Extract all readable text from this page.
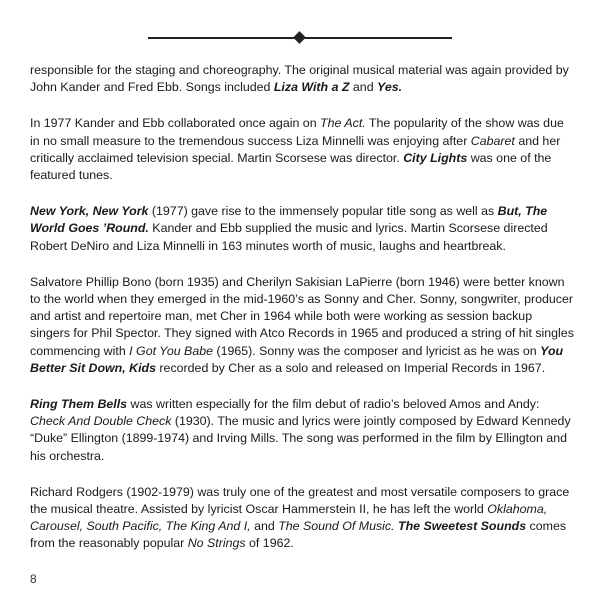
responsible for the staging and choreography. The original musical material was again provided by John Kander and Fred Ebb. Songs included Liza With a Z and Yes.

In 1977 Kander and Ebb collaborated once again on The Act. The popularity of the show was due in no small measure to the tremendous success Liza Minnelli was enjoying after Cabaret and her critically acclaimed television special. Martin Scorsese was director. City Lights was one of the featured tunes.

New York, New York (1977) gave rise to the immensely popular title song as well as But, The World Goes ’Round. Kander and Ebb supplied the music and lyrics. Martin Scorsese directed Robert DeNiro and Liza Minnelli in 163 minutes worth of music, laughs and heartbreak.

Salvatore Phillip Bono (born 1935) and Cherilyn Sakisian LaPierre (born 1946) were better known to the world when they emerged in the mid-1960’s as Sonny and Cher. Sonny, songwriter, producer and artist and repertoire man, met Cher in 1964 while both were working as session backup singers for Phil Spector. They signed with Atco Records in 1965 and produced a string of hit singles commencing with I Got You Babe (1965). Sonny was the composer and lyricist as he was on You Better Sit Down, Kids recorded by Cher as a solo and released on Imperial Records in 1967.

Ring Them Bells was written especially for the film debut of radio’s beloved Amos and Andy: Check And Double Check (1930). The music and lyrics were jointly composed by Edward Kennedy “Duke” Ellington (1899-1974) and Irving Mills. The song was performed in the film by Ellington and his orchestra.

Richard Rodgers (1902-1979) was truly one of the greatest and most versatile composers to grace the musical theatre. Assisted by lyricist Oscar Hammerstein II, he has left the world Oklahoma, Carousel, South Pacific, The King And I, and The Sound Of Music. The Sweetest Sounds comes from the reasonably popular No Strings of 1962.

8
